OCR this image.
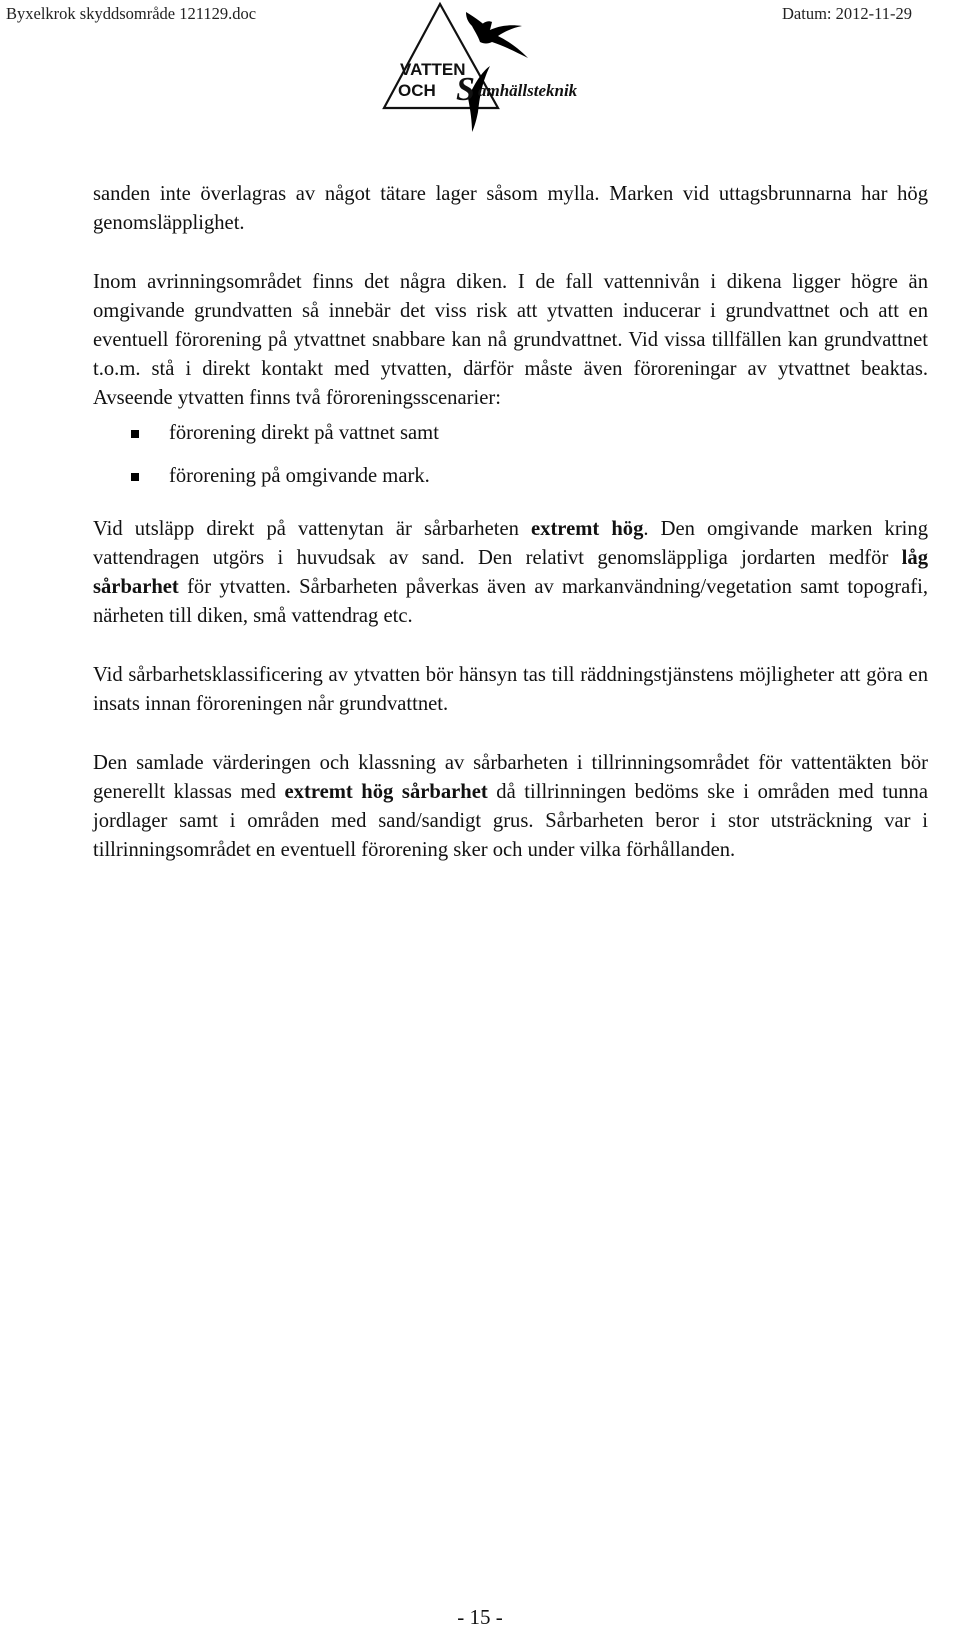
Byxelkrok skyddsområde 121129.doc	Datum: 2012-11-29
VATTEN
OCH S amhällsteknik

sanden inte överlagras av något tätare lager såsom mylla. Marken vid uttagsbrunnarna har hög genomsläpplighet.

Inom avrinningsområdet finns det några diken. I de fall vattennivån i dikena ligger högre än omgivande grundvatten så innebär det viss risk att ytvatten inducerar i grundvattnet och att en eventuell förorening på ytvattnet snabbare kan nå grundvattnet. Vid vissa tillfällen kan grundvattnet t.o.m. stå i direkt kontakt med ytvatten, därför måste även föroreningar av ytvattnet beaktas. Avseende ytvatten finns två föroreningsscenarier:

förorening direkt på vattnet samt
förorening på omgivande mark.

Vid utsläpp direkt på vattenytan är sårbarheten extremt hög. Den omgivande marken kring vattendragen utgörs i huvudsak av sand. Den relativt genomsläppliga jordarten medför låg sårbarhet för ytvatten. Sårbarheten påverkas även av markanvändning/vegetation samt topografi, närheten till diken, små vattendrag etc.

Vid sårbarhetsklassificering av ytvatten bör hänsyn tas till räddningstjänstens möjligheter att göra en insats innan föroreningen når grundvattnet.

Den samlade värderingen och klassning av sårbarheten i tillrinningsområdet för vattentäkten bör generellt klassas med extremt hög sårbarhet då tillrinningen bedöms ske i områden med tunna jordlager samt i områden med sand/sandigt grus. Sårbarheten beror i stor utsträckning var i tillrinningsområdet en eventuell förorening sker och under vilka förhållanden.

- 15 -
